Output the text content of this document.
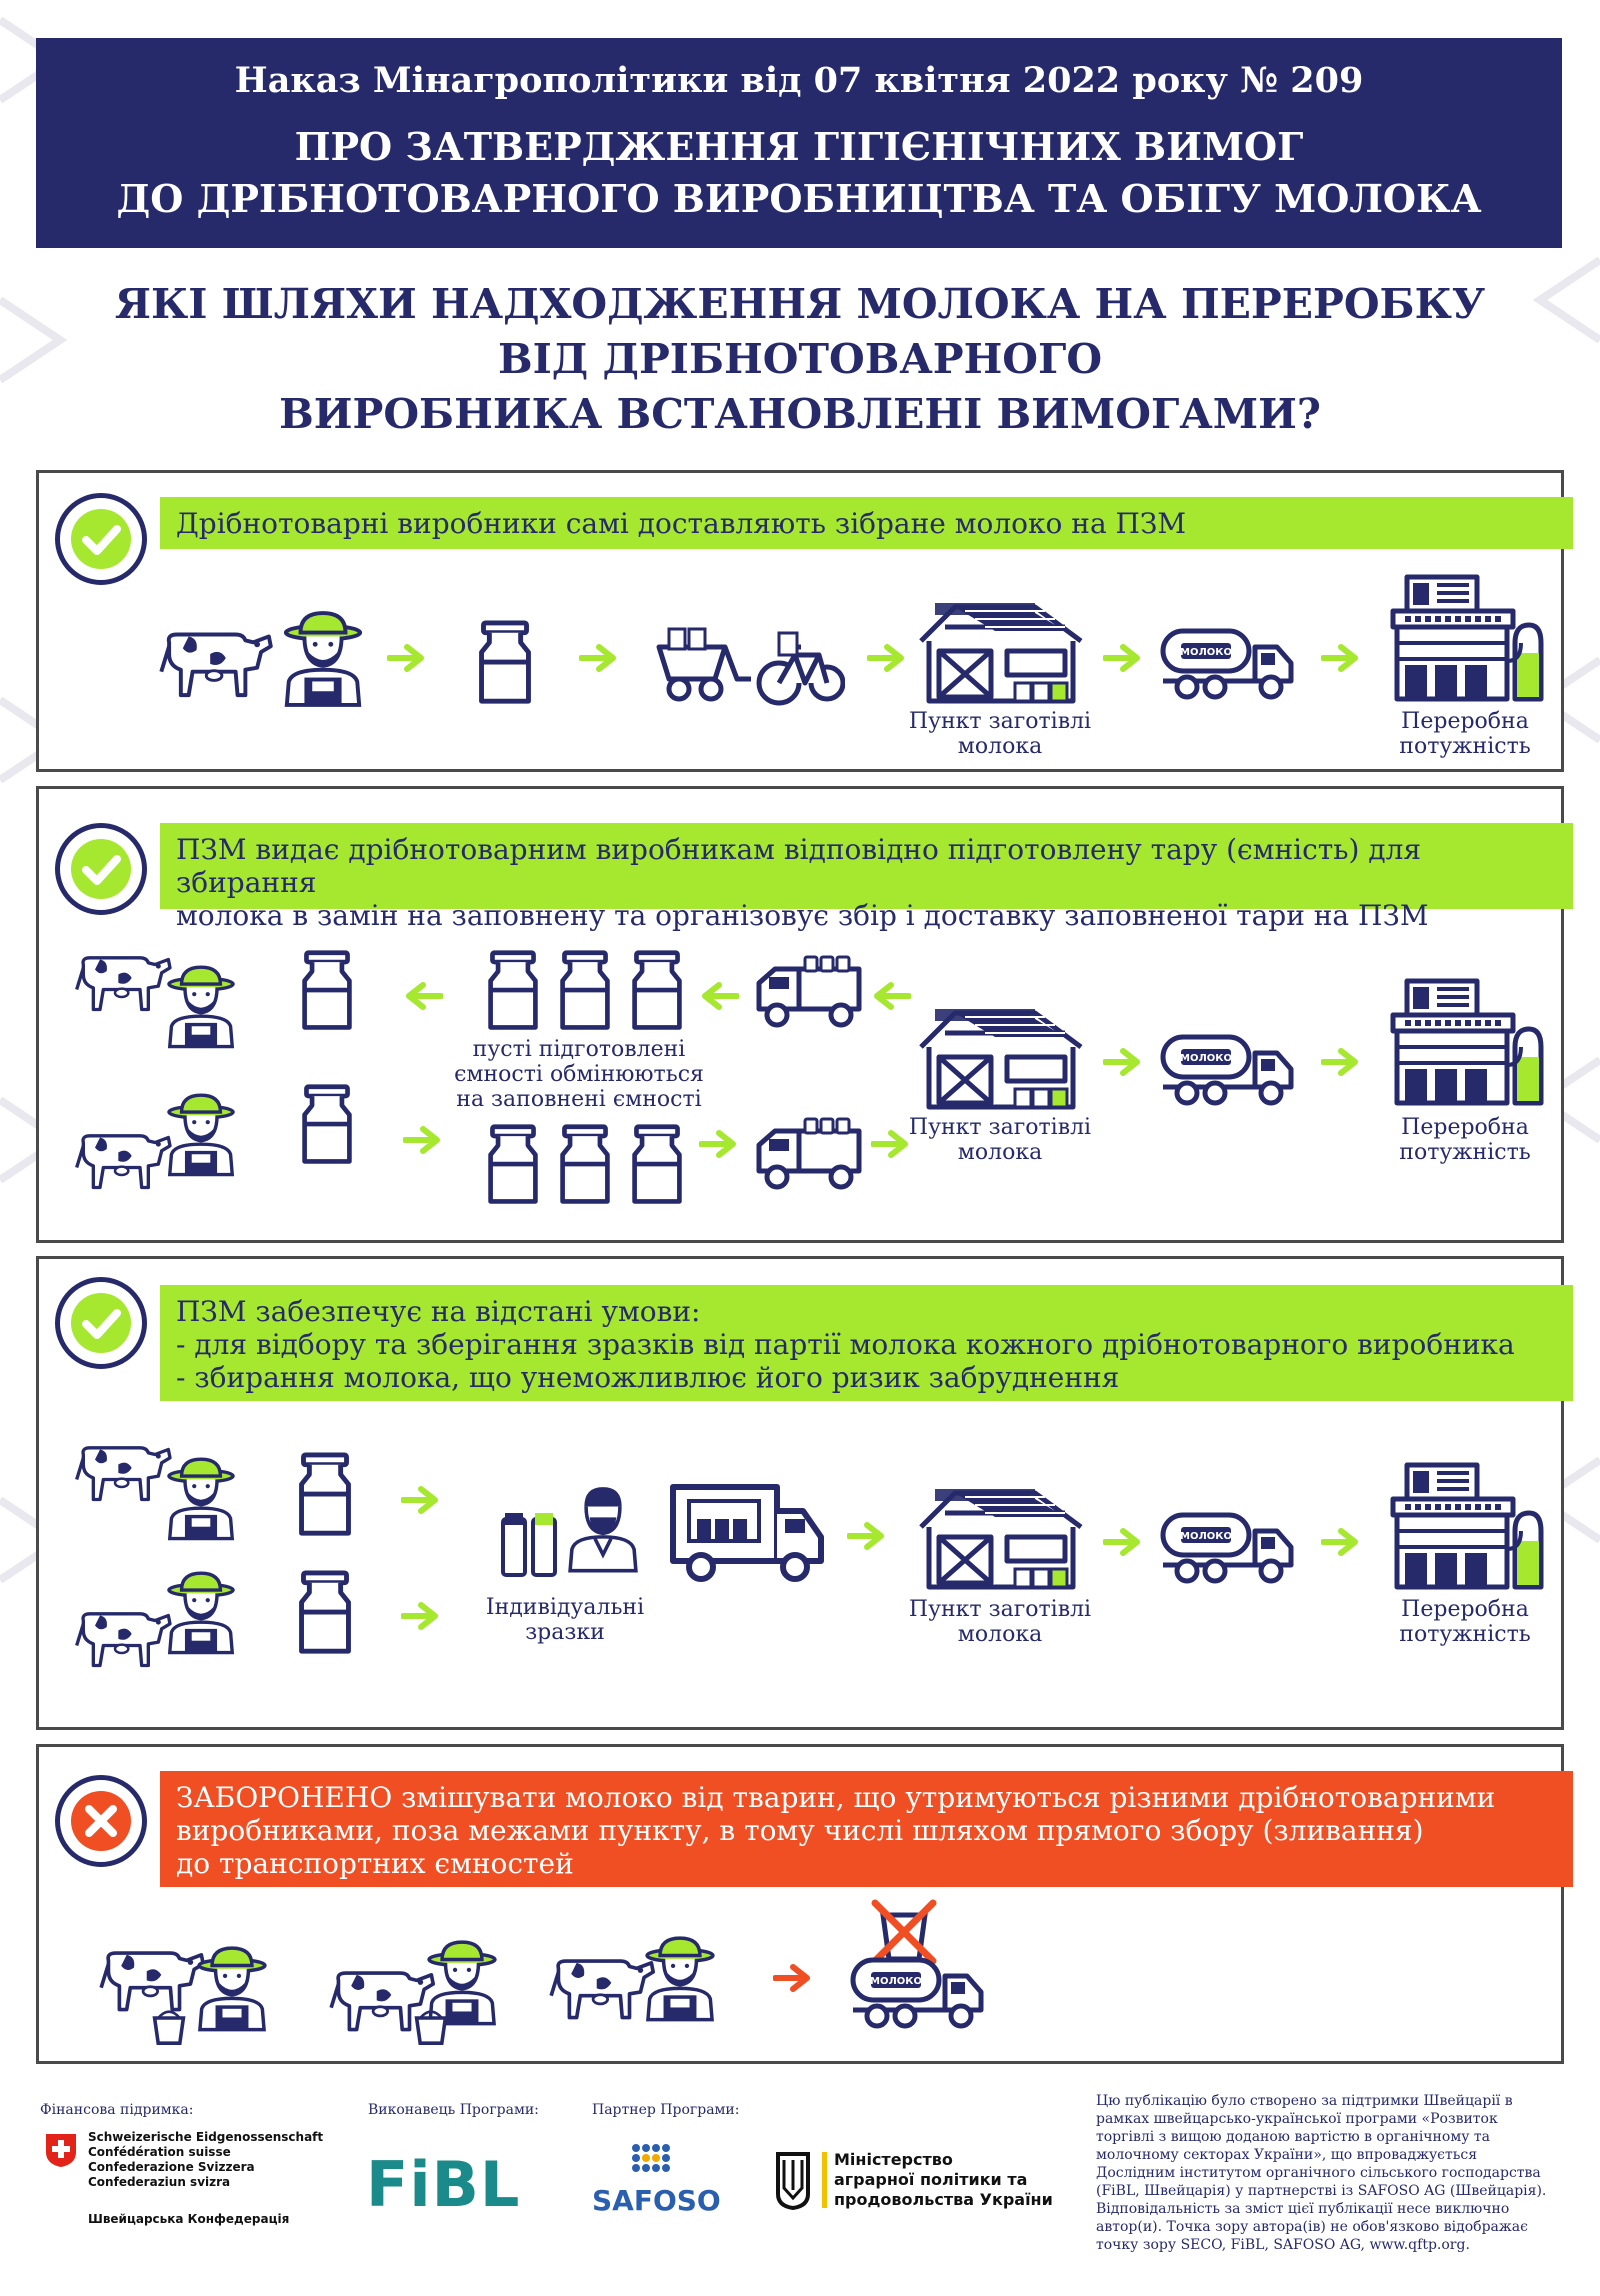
Наказ Мінагрополітики від 07 квітня 2022 року № 209
ПРО ЗАТВЕРДЖЕННЯ ГІГІЄНІЧНИХ ВИМОГ
ДО ДРІБНОТОВАРНОГО ВИРОБНИЦТВА ТА ОБІГУ МОЛОКА
ЯКІ ШЛЯХИ НАДХОДЖЕННЯ МОЛОКА НА ПЕРЕРОБКУ
ВІД ДРІБНОТОВАРНОГО
ВИРОБНИКА ВСТАНОВЛЕНІ ВИМОГАМИ?
Дрібнотоварні виробники самі доставляють зібране молоко на ПЗМ
Пункт заготівлі
молока
Переробна
потужність
ПЗМ видає дрібнотоварним виробникам відповідно підготовлену тару (ємність) для збирання
молока в замін на заповнену та організовує збір і доставку заповненої тари на ПЗМ
пусті підготовлені
ємності обмінюються
на заповнені ємності
Пункт заготівлі
молока
Переробна
потужність
ПЗМ забезпечує на відстані умови:
- для відбору та зберігання зразків від партії молока кожного дрібнотоварного виробника
- збирання молока, що унеможливлює його ризик забруднення
Індивідуальні
зразки
Пункт заготівлі
молока
Переробна
потужність
ЗАБОРОНЕНО змішувати молоко від тварин, що утримуються різними дрібнотоварними
виробниками, поза межами пункту, в тому числі шляхом прямого збору (зливання)
до транспортних ємностей
Фінансова підримка:
Schweizerische Eidgenossenschaft
Confédération suisse
Confederazione Svizzera
Confederaziun svizra
Швейцарська Конфедерація
Виконавець Програми:
FiBL
Партнер Програми:
SAFOSO
Міністерство
аграрної політики та
продовольства України
Цю публікацію було створено за підтримки Швейцарії в
рамках швейцарсько-української програми «Розвиток
торгівлі з вищою доданою вартістю в органічному та
молочному секторах України», що впроваджується
Дослідним інститутом органічного сільського господарства
(FiBL, Швейцарія) у партнерстві із SAFOSO AG (Швейцарія).
Відповідальність за зміст цієї публікації несе виключно
автор(и). Точка зору автора(ів) не обов'язково відображає
точку зору SECO, FiBL, SAFOSO AG, www.qftp.org.
